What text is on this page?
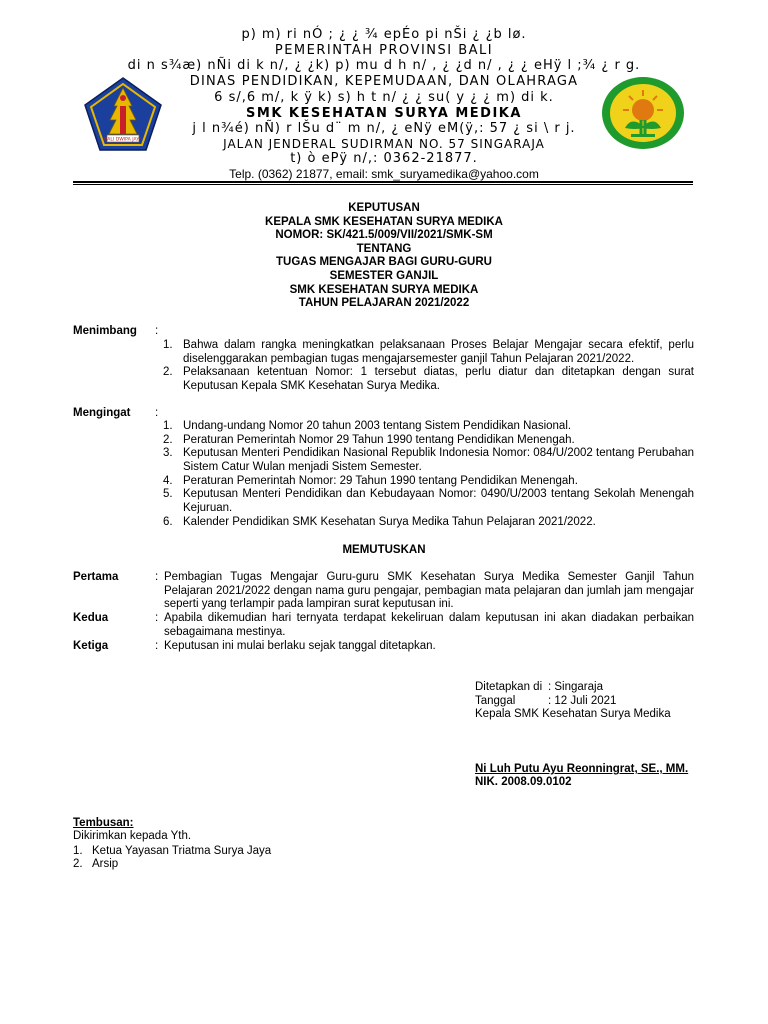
p) m) ri nÓ ; ¿ ¿ ¾ epÉo pi nŠi ¿ ¿b lø.
PEMERINTAH PROVINSI BALI
di n s¾æ) nÑi di k n/, ¿ ¿k) p) mu d h n/ , ¿ ¿d n/ , ¿ ¿ eHÿ l ;¾ ¿ r g.
DINAS PENDIDIKAN, KEPEMUDAAN, DAN OLAHRAGA
6 s/,6 m/, k ÿ k) s) h t n/ ¿ ¿ su( y ¿ ¿ m) di k.
SMK KESEHATAN SURYA MEDIKA
j l n¾é) nÑ) r lŠu d¨ m n/, ¿ eNÿ eM(ÿ,: 57 ¿ si \ r j.
JALAN JENDERAL SUDIRMAN NO. 57 SINGARAJA
t) ò ePÿ n/,: 0362-21877.
Telp. (0362) 21877, email: smk_suryamedika@yahoo.com
BALI DWIPA JAYA
KEPUTUSAN
KEPALA SMK KESEHATAN SURYA MEDIKA
NOMOR: SK/421.5/009/VII/2021/SMK-SM
TENTANG
TUGAS MENGAJAR BAGI GURU-GURU
SEMESTER GANJIL
SMK KESEHATAN SURYA MEDIKA
TAHUN PELAJARAN 2021/2022
Menimbang :
1. Bahwa dalam rangka meningkatkan pelaksanaan Proses Belajar Mengajar secara efektif, perlu diselenggarakan pembagian tugas mengajarsemester ganjil Tahun Pelajaran 2021/2022.
2. Pelaksanaan ketentuan Nomor: 1 tersebut diatas, perlu diatur dan ditetapkan dengan surat Keputusan Kepala SMK Kesehatan Surya Medika.
Mengingat :
1. Undang-undang Nomor 20 tahun 2003 tentang Sistem Pendidikan Nasional.
2. Peraturan Pemerintah Nomor 29 Tahun 1990 tentang Pendidikan Menengah.
3. Keputusan Menteri Pendidikan Nasional Republik Indonesia Nomor: 084/U/2002 tentang Perubahan Sistem Catur Wulan menjadi Sistem Semester.
4. Peraturan Pemerintah Nomor: 29 Tahun 1990 tentang Pendidikan Menengah.
5. Keputusan Menteri Pendidikan dan Kebudayaan Nomor: 0490/U/2003 tentang Sekolah Menengah Kejuruan.
6. Kalender Pendidikan SMK Kesehatan Surya Medika Tahun Pelajaran 2021/2022.
MEMUTUSKAN
Pertama	: Pembagian Tugas Mengajar Guru-guru SMK Kesehatan Surya Medika Semester Ganjil Tahun Pelajaran 2021/2022 dengan nama guru pengajar, pembagian mata pelajaran dan jumlah jam mengajar seperti yang terlampir pada lampiran surat keputusan ini.
Kedua	: Apabila dikemudian hari ternyata terdapat kekeliruan dalam keputusan ini akan diadakan perbaikan sebagaimana mestinya.
Ketiga	: Keputusan ini mulai berlaku sejak tanggal ditetapkan.
Ditetapkan di : Singaraja
Tanggal	: 12 Juli 2021
Kepala SMK Kesehatan Surya Medika
Ni Luh Putu Ayu Reonningrat, SE., MM.
NIK. 2008.09.0102
Tembusan:
Dikirimkan kepada Yth.
1. Ketua Yayasan Triatma Surya Jaya
2. Arsip
